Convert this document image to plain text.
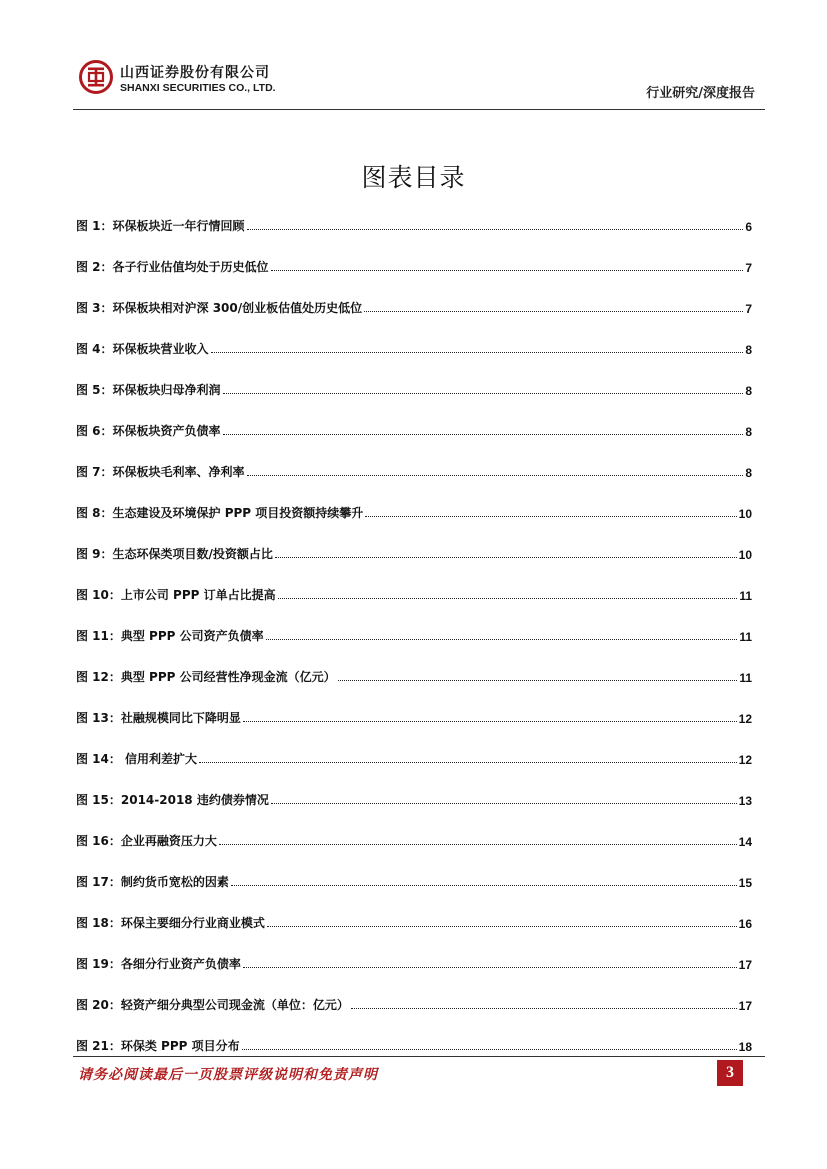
山西证券股份有限公司
SHANXI SECURITIES CO., LTD.	行业研究/深度报告
图表目录
图 1：环保板块近一年行情回顾	6
图 2：各子行业估值均处于历史低位	7
图 3：环保板块相对沪深 300/创业板估值处历史低位	7
图 4：环保板块营业收入	8
图 5：环保板块归母净利润	8
图 6：环保板块资产负债率	8
图 7：环保板块毛利率、净利率	8
图 8：生态建设及环境保护 PPP 项目投资额持续攀升	10
图 9：生态环保类项目数/投资额占比	10
图 10：上市公司 PPP 订单占比提高	11
图 11：典型 PPP 公司资产负债率	11
图 12：典型 PPP 公司经营性净现金流（亿元）	11
图 13：社融规模同比下降明显	12
图 14： 信用利差扩大	12
图 15：2014-2018 违约债券情况	13
图 16：企业再融资压力大	14
图 17：制约货币宽松的因素	15
图 18：环保主要细分行业商业模式	16
图 19：各细分行业资产负债率	17
图 20：轻资产细分典型公司现金流（单位：亿元）	17
图 21：环保类 PPP 项目分布	18
请务必阅读最后一页股票评级说明和免责声明	3
